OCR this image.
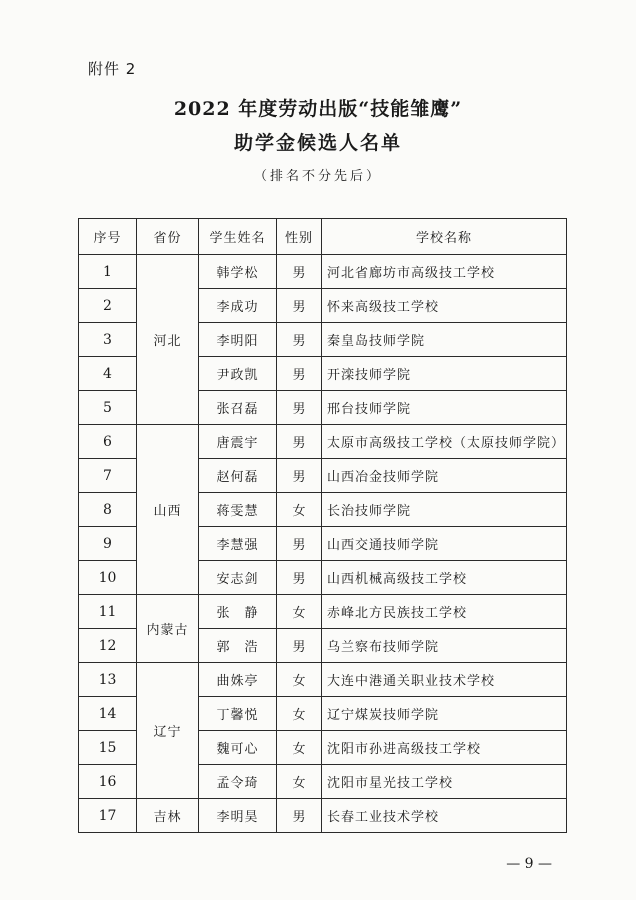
附件 2
2022 年度劳动出版“技能雏鹰”
助学金候选人名单
（排名不分先后）
序号	省份	学生姓名	性别	学校名称
1	河北	韩学松	男	河北省廊坊市高级技工学校
2		李成功	男	怀来高级技工学校
3		李明阳	男	秦皇岛技师学院
4		尹政凯	男	开滦技师学院
5		张召磊	男	邢台技师学院
6	山西	唐震宇	男	太原市高级技工学校（太原技师学院）
7		赵何磊	男	山西冶金技师学院
8		蒋雯慧	女	长治技师学院
9		李慧强	男	山西交通技师学院
10		安志剑	男	山西机械高级技工学校
11	内蒙古	张　静	女	赤峰北方民族技工学校
12		郭　浩	男	乌兰察布技师学院
13	辽宁	曲姝亭	女	大连中港通关职业技术学校
14		丁馨悦	女	辽宁煤炭技师学院
15		魏可心	女	沈阳市孙进高级技工学校
16		孟令琦	女	沈阳市星光技工学校
17	吉林	李明昊	男	长春工业技术学校
— 9 —
